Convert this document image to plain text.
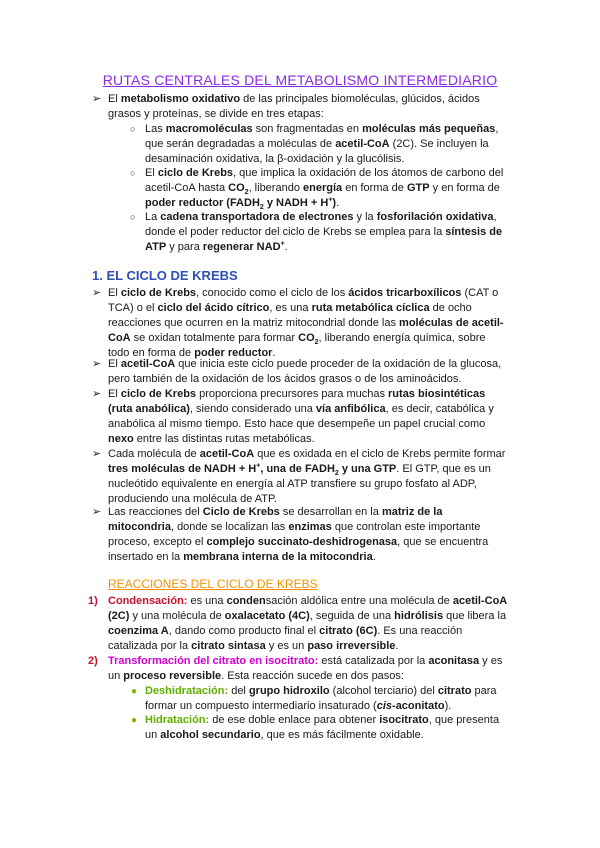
RUTAS CENTRALES DEL METABOLISMO INTERMEDIARIO
➢ El metabolismo oxidativo de las principales biomoléculas, glúcidos, ácidos grasos y proteínas, se divide en tres etapas:
○ Las macromoléculas son fragmentadas en moléculas más pequeñas, que serán degradadas a moléculas de acetil-CoA (2C). Se incluyen la desaminación oxidativa, la β-oxidación y la glucólisis.
○ El ciclo de Krebs, que implica la oxidación de los átomos de carbono del acetil-CoA hasta $CO_2$, liberando energía en forma de GTP y en forma de poder reductor ($FADH_2$ y NADH + H+).
○ La cadena transportadora de electrones y la fosforilación oxidativa, donde el poder reductor del ciclo de Krebs se emplea para la síntesis de ATP y para regenerar NAD+.
1. EL CICLO DE KREBS
➢ El ciclo de Krebs, conocido como el ciclo de los ácidos tricarboxílicos (CAT o TCA) o el ciclo del ácido cítrico, es una ruta metabólica cíclica de ocho reacciones que ocurren en la matriz mitocondrial donde las moléculas de acetil-CoA se oxidan totalmente para formar $CO_2$, liberando energía química, sobre todo en forma de poder reductor.
➢ El acetil-CoA que inicia este ciclo puede proceder de la oxidación de la glucosa, pero también de la oxidación de los ácidos grasos o de los aminoácidos.
➢ El ciclo de Krebs proporciona precursores para muchas rutas biosintéticas (ruta anabólica), siendo considerado una vía anfibólica, es decir, catabólica y anabólica al mismo tiempo. Esto hace que desempeñe un papel crucial como nexo entre las distintas rutas metabólicas.
➢ Cada molécula de acetil-CoA que es oxidada en el ciclo de Krebs permite formar tres moléculas de NADH + H+, una de $FADH_2$ y una GTP. El GTP, que es un nucleótido equivalente en energía al ATP transfiere su grupo fosfato al ADP, produciendo una molécula de ATP.
➢ Las reacciones del Ciclo de Krebs se desarrollan en la matriz de la mitocondria, donde se localizan las enzimas que controlan este importante proceso, excepto el complejo succinato-deshidrogenasa, que se encuentra insertado en la membrana interna de la mitocondria.
REACCIONES DEL CICLO DE KREBS
1) Condensación: es una condensación aldólica entre una molécula de acetil-CoA (2C) y una molécula de oxalacetato (4C), seguida de una hidrólisis que libera la coenzima A, dando como producto final el citrato (6C). Es una reacción catalizada por la citrato sintasa y es un paso irreversible.
2) Transformación del citrato en isocitrato: está catalizada por la aconitasa y es un proceso reversible. Esta reacción sucede en dos pasos:
● Deshidratación: del grupo hidroxilo (alcohol terciario) del citrato para formar un compuesto intermediario insaturado (cis-aconitato).
● Hidratación: de ese doble enlace para obtener isocitrato, que presenta un alcohol secundario, que es más fácilmente oxidable.
